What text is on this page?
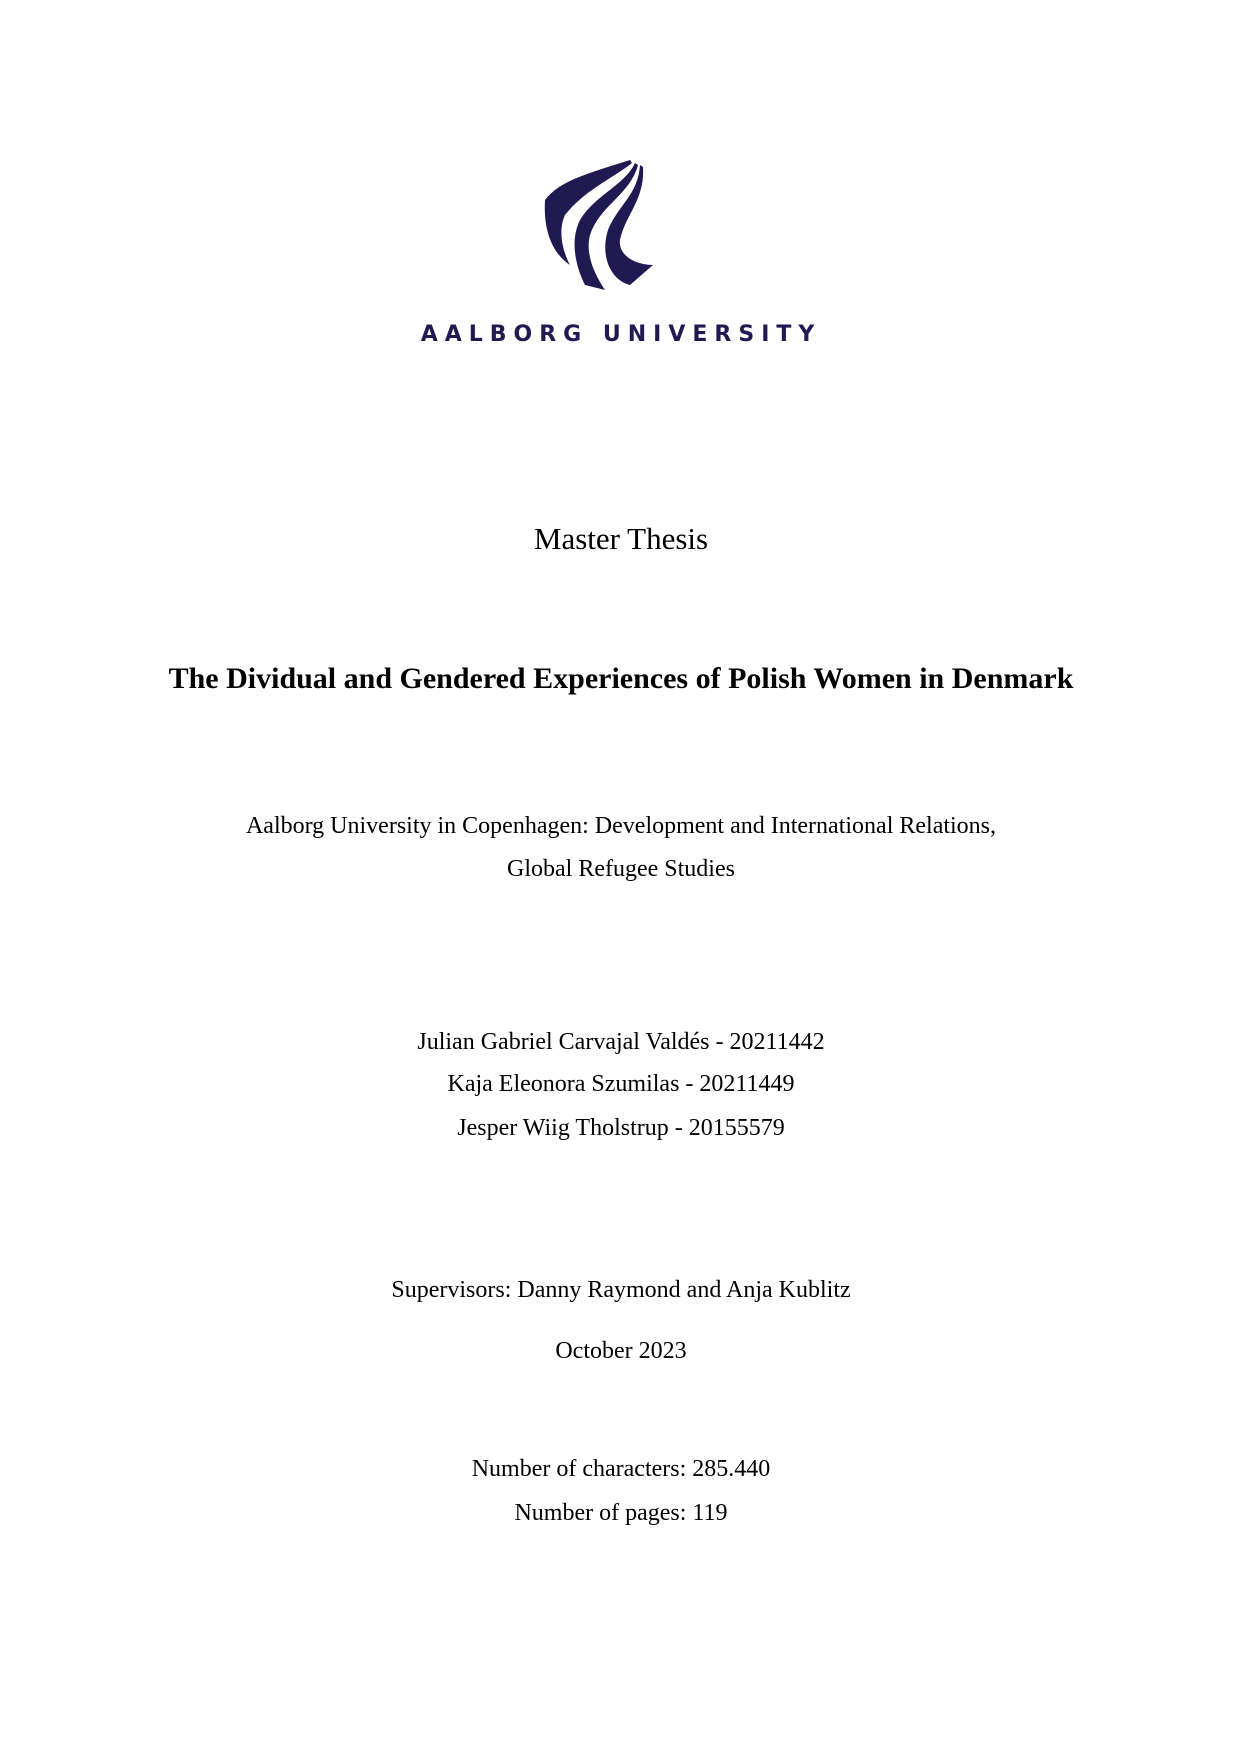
AALBORG UNIVERSITY
Master Thesis
The Dividual and Gendered Experiences of Polish Women in Denmark
Aalborg University in Copenhagen: Development and International Relations,
Global Refugee Studies
Julian Gabriel Carvajal Valdés - 20211442
Kaja Eleonora Szumilas - 20211449
Jesper Wiig Tholstrup - 20155579
Supervisors: Danny Raymond and Anja Kublitz
October 2023
Number of characters: 285.440
Number of pages: 119
